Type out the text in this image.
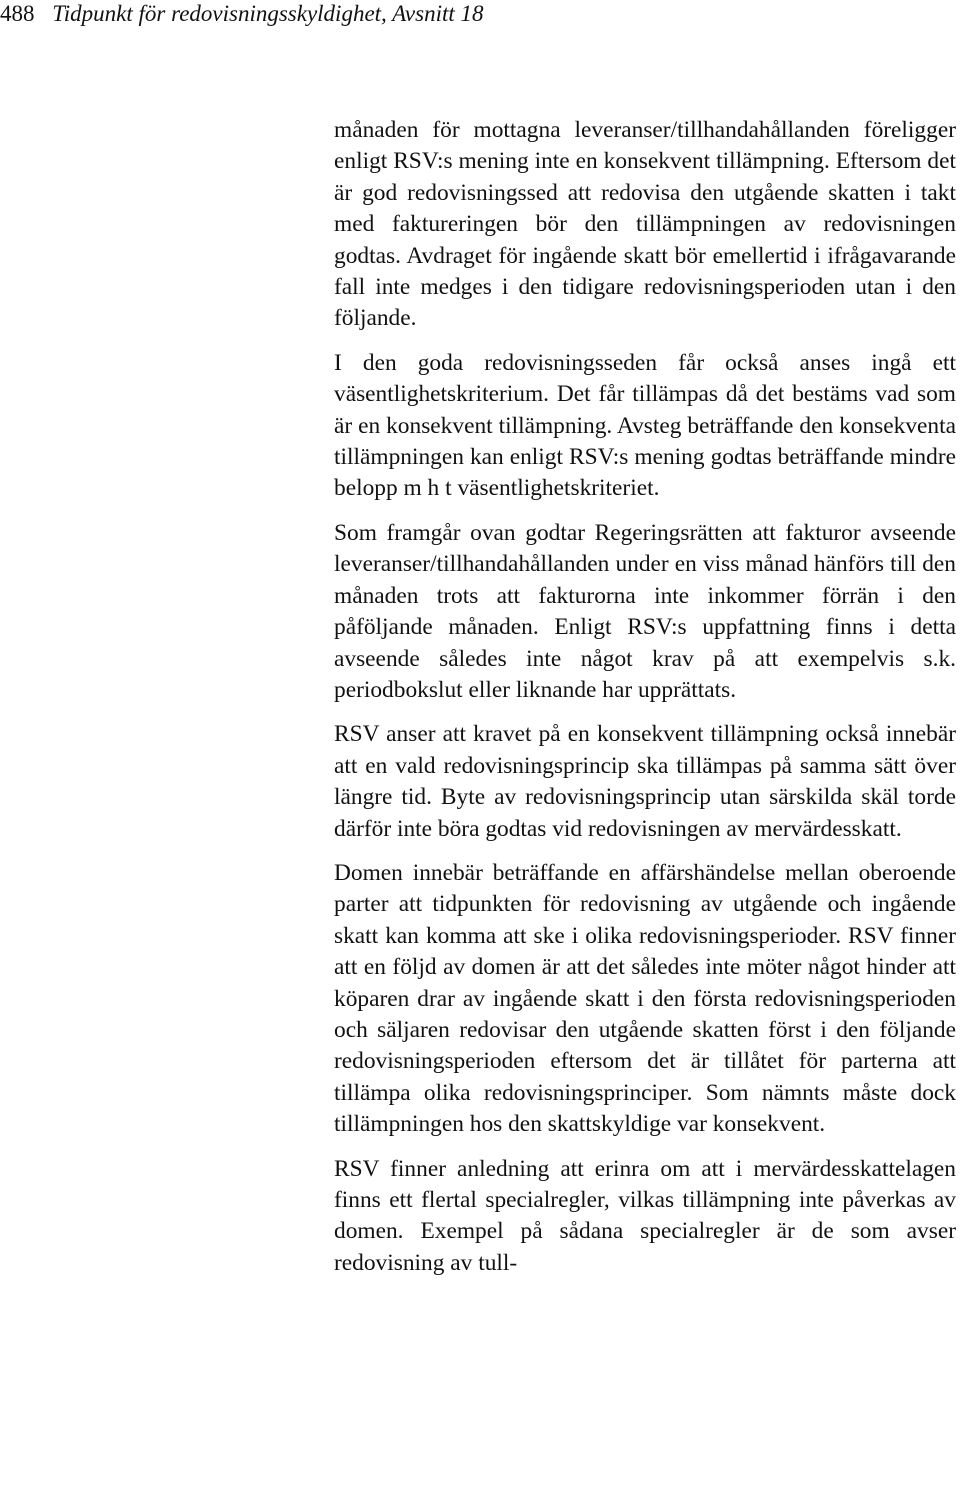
488 Tidpunkt för redovisningsskyldighet, Avsnitt 18

månaden för mottagna leveranser/tillhandahållanden föreligger enligt RSV:s mening inte en konsekvent tillämpning. Eftersom det är god redovisningssed att redovisa den utgående skatten i takt med faktureringen bör den tillämpningen av redovisningen godtas. Avdraget för ingående skatt bör emellertid i ifrågavarande fall inte medges i den tidigare redovisningsperioden utan i den följande.

I den goda redovisningsseden får också anses ingå ett väsentlighetskriterium. Det får tillämpas då det bestäms vad som är en konsekvent tillämpning. Avsteg beträffande den konsekventa tillämpningen kan enligt RSV:s mening godtas beträffande mindre belopp m h t väsentlighetskriteriet.

Som framgår ovan godtar Regeringsrätten att fakturor avseende leveranser/tillhandahållanden under en viss månad hänförs till den månaden trots att fakturorna inte inkommer förrän i den påföljande månaden. Enligt RSV:s uppfattning finns i detta avseende således inte något krav på att exempelvis s.k. periodbokslut eller liknande har upprättats.

RSV anser att kravet på en konsekvent tillämpning också innebär att en vald redovisningsprincip ska tillämpas på samma sätt över längre tid. Byte av redovisningsprincip utan särskilda skäl torde därför inte böra godtas vid redovisningen av mervärdesskatt.

Domen innebär beträffande en affärshändelse mellan oberoende parter att tidpunkten för redovisning av utgående och ingående skatt kan komma att ske i olika redovisningsperioder. RSV finner att en följd av domen är att det således inte möter något hinder att köparen drar av ingående skatt i den första redovisningsperioden och säljaren redovisar den utgående skatten först i den följande redovisningsperioden eftersom det är tillåtet för parterna att tillämpa olika redovisningsprinciper. Som nämnts måste dock tillämpningen hos den skattskyldige var konsekvent.

RSV finner anledning att erinra om att i mervärdesskattelagen finns ett flertal specialregler, vilkas tillämpning inte påverkas av domen. Exempel på sådana specialregler är de som avser redovisning av tull-
